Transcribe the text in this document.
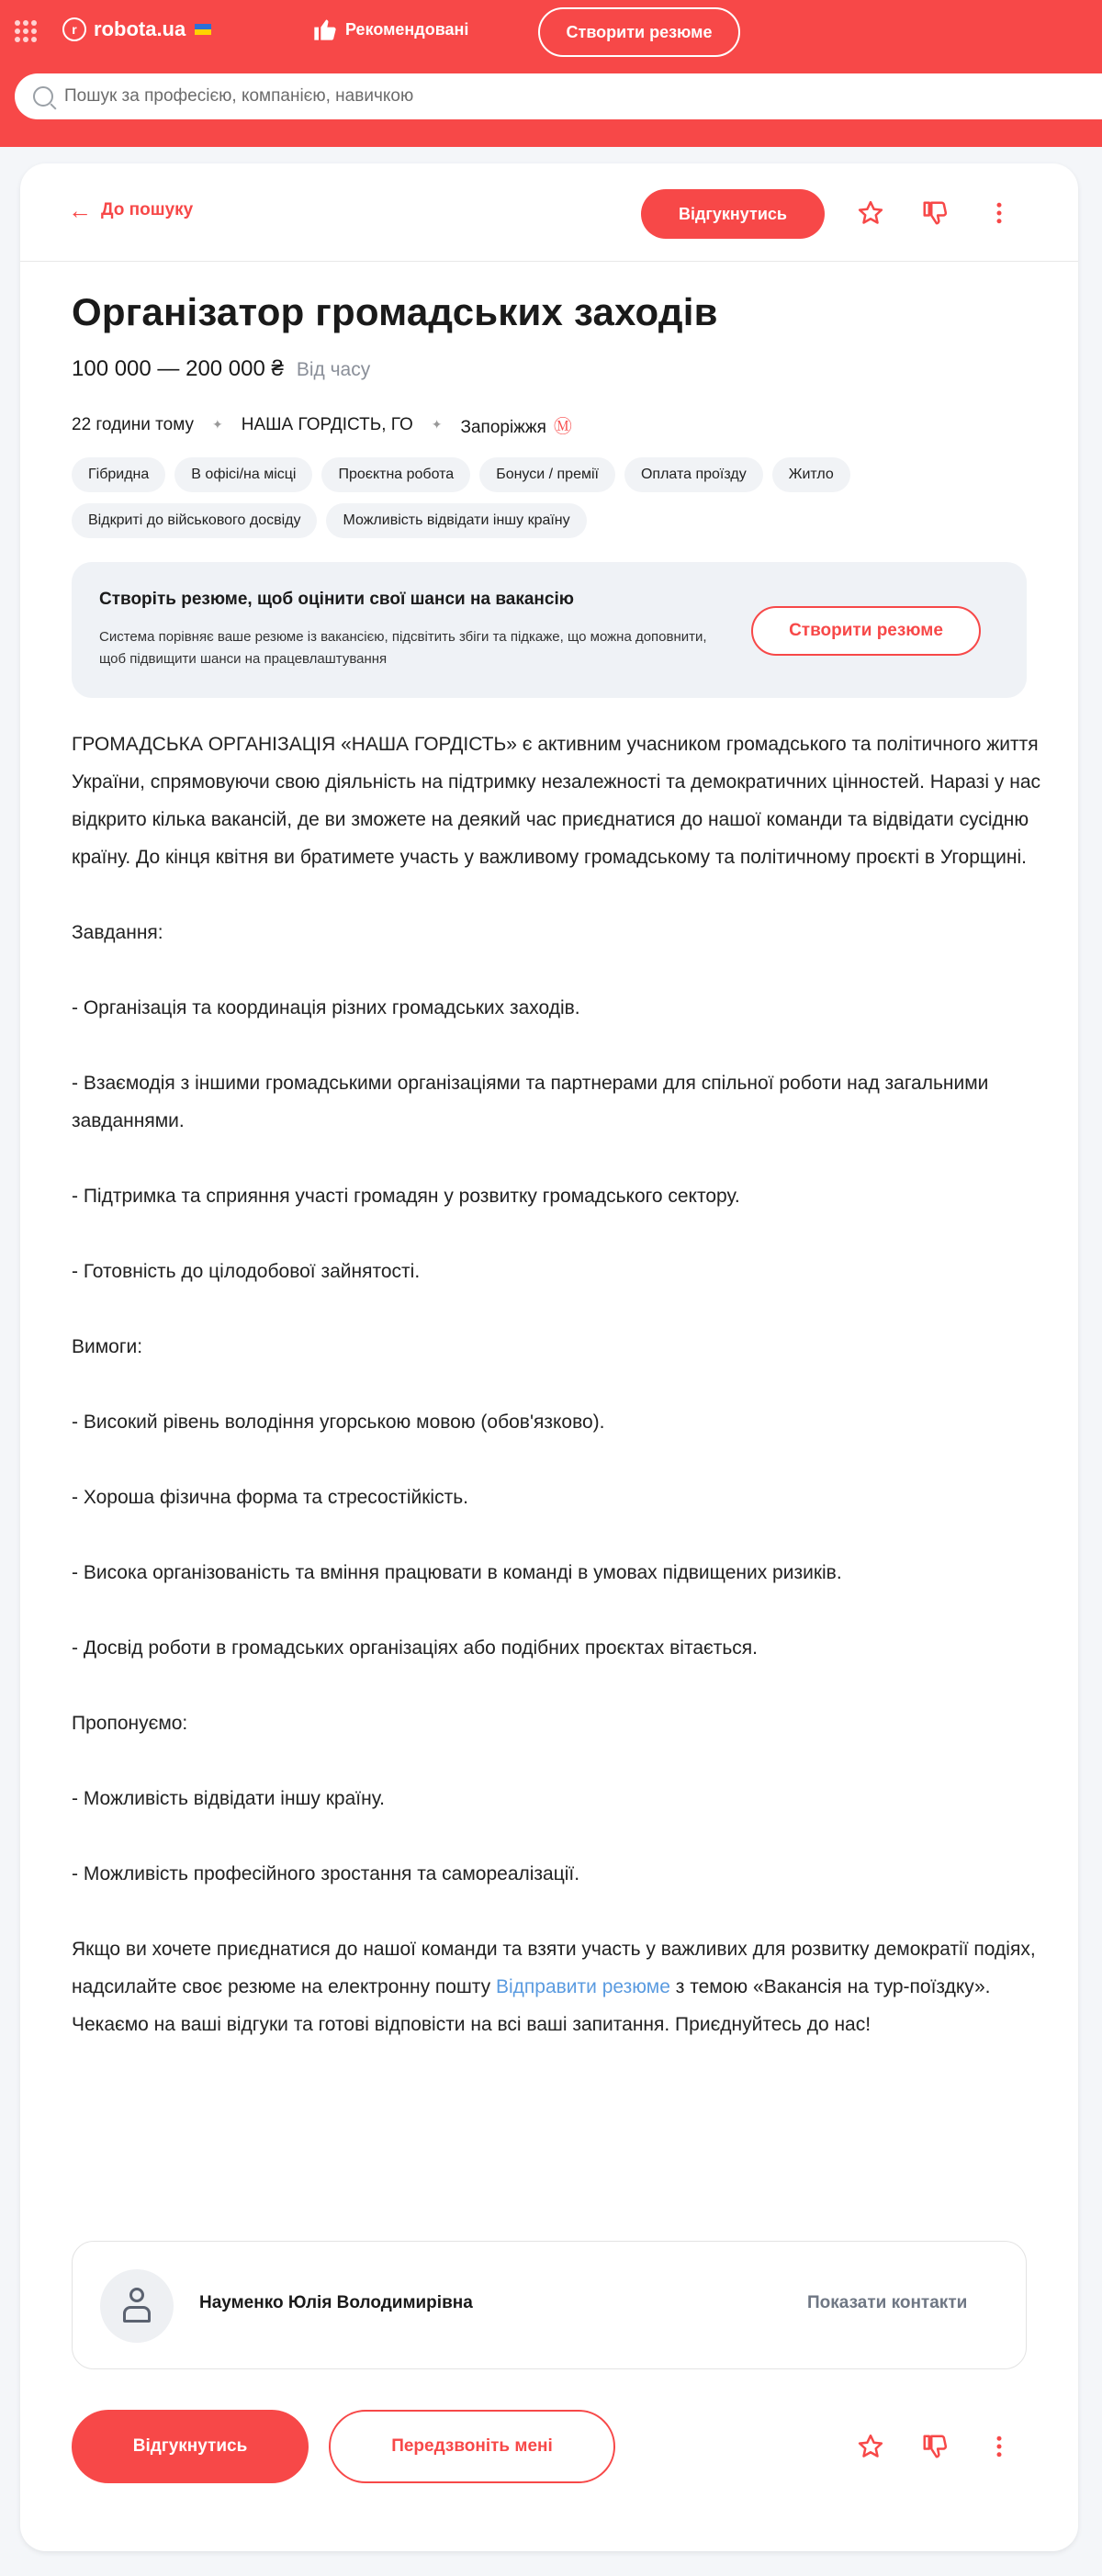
r robota.ua	Рекомендовані	Створити резюме
Пошук за професією, компанією, навичкою
← До пошуку	Відгукнутись
Організатор громадських заходів
100 000 — 200 000 ₴ Від часу
22 години тому ✦ НАША ГОРДІСТЬ, ГО ✦ Запоріжжя Ⓜ
Гібридна	В офісі/на місці	Проєктна робота	Бонуси / премії	Оплата проїзду	Житло
Відкриті до військового досвіду	Можливість відвідати іншу країну
Створіть резюме, щоб оцінити свої шанси на вакансію
Система порівняє ваше резюме із вакансією, підсвітить збіги та підкаже, що можна доповнити, щоб підвищити шанси на працевлаштування
Створити резюме

ГРОМАДСЬКА ОРГАНІЗАЦІЯ «НАША ГОРДІСТЬ» є активним учасником громадського та політичного життя України, спрямовуючи свою діяльність на підтримку незалежності та демократичних цінностей. Наразі у нас відкрито кілька вакансій, де ви зможете на деякий час приєднатися до нашої команди та відвідати сусідню країну. До кінця квітня ви братимете участь у важливому громадському та політичному проєкті в Угорщині.

Завдання:

- Організація та координація різних громадських заходів.

- Взаємодія з іншими громадськими організаціями та партнерами для спільної роботи над загальними завданнями.

- Підтримка та сприяння участі громадян у розвитку громадського сектору.

- Готовність до цілодобової зайнятості.

Вимоги:

- Високий рівень володіння угорською мовою (обов'язково).

- Хороша фізична форма та стресостійкість.

- Висока організованість та вміння працювати в команді в умовах підвищених ризиків.

- Досвід роботи в громадських організаціях або подібних проєктах вітається.

Пропонуємо:

- Можливість відвідати іншу країну.

- Можливість професійного зростання та самореалізації.

Якщо ви хочете приєднатися до нашої команди та взяти участь у важливих для розвитку демократії подіях, надсилайте своє резюме на електронну пошту Відправити резюме з темою «Вакансія на тур-поїздку». Чекаємо на ваші відгуки та готові відповісти на всі ваші запитання. Приєднуйтесь до нас!

Науменко Юлія Володимирівна	Показати контакти
Відгукнутись	Передзвоніть мені
